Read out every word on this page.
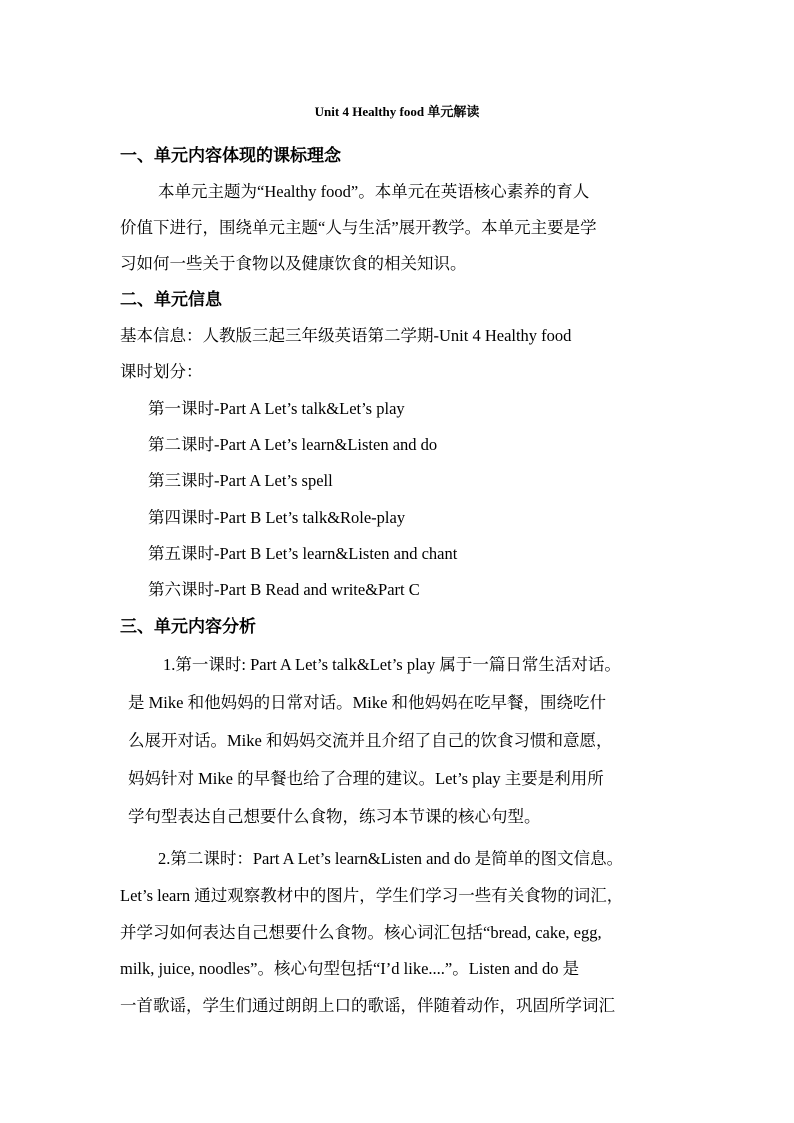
Unit 4 Healthy food 单元解读
一、单元内容体现的课标理念
本单元主题为“Healthy food”。本单元在英语核心素养的育人
价值下进行，围绕单元主题“人与生活”展开教学。本单元主要是学
习如何一些关于食物以及健康饮食的相关知识。
二、单元信息
基本信息：人教版三起三年级英语第二学期-Unit 4 Healthy food
课时划分：
第一课时-Part A Let’s talk&Let’s play
第二课时-Part A Let’s learn&Listen and do
第三课时-Part A Let’s spell
第四课时-Part B Let’s talk&Role-play
第五课时-Part B Let’s learn&Listen and chant
第六课时-Part B Read and write&Part C
三、单元内容分析
1.第一课时: Part A Let’s talk&Let’s play 属于一篇日常生活对话。
是 Mike 和他妈妈的日常对话。Mike 和他妈妈在吃早餐，围绕吃什
么展开对话。Mike 和妈妈交流并且介绍了自己的饮食习惯和意愿，
妈妈针对 Mike 的早餐也给了合理的建议。Let’s play 主要是利用所
学句型表达自己想要什么食物，练习本节课的核心句型。
2.第二课时：Part A Let’s learn&Listen and do 是简单的图文信息。
Let’s learn 通过观察教材中的图片，学生们学习一些有关食物的词汇，
并学习如何表达自己想要什么食物。核心词汇包括“bread, cake, egg,
milk, juice, noodles”。核心句型包括“I’d like....”。Listen and do 是
一首歌谣，学生们通过朗朗上口的歌谣，伴随着动作，巩固所学词汇
